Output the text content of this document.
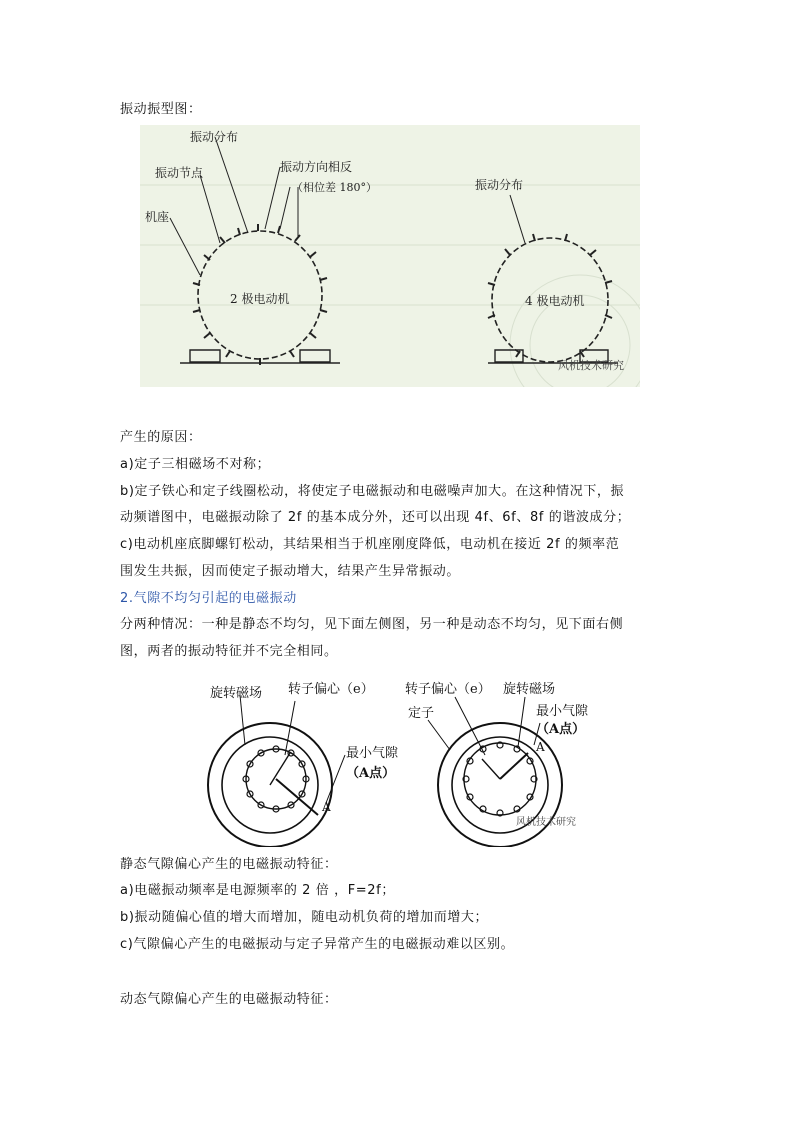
振动振型图：
2 极电动机
振动分布
振动节点	振动方向相反
（相位差 180°）
机座
4 极电动机
振动分布
风机技术研究
产生的原因：
a)定子三相磁场不对称；
b)定子铁心和定子线圈松动，将使定子电磁振动和电磁噪声加大。在这种情况下，振
动频谱图中，电磁振动除了 2f 的基本成分外，还可以出现 4f、6f、8f 的谐波成分；
c)电动机座底脚螺钉松动，其结果相当于机座刚度降低，电动机在接近 2f 的频率范
围发生共振，因而使定子振动增大，结果产生异常振动。
2.气隙不均匀引起的电磁振动
分两种情况：一种是静态不均匀，见下面左侧图，另一种是动态不均匀，见下面右侧
图，两者的振动特征并不完全相同。
旋转磁场 转子偏心（e）
最小气隙
（A点）
A
转子偏心（e） 旋转磁场
定子	最小气隙
（A点）
A
风机技术研究
静态气隙偏心产生的电磁振动特征：
a)电磁振动频率是电源频率的 2 倍 ，F=2f；
b)振动随偏心值的增大而增加，随电动机负荷的增加而增大；
c)气隙偏心产生的电磁振动与定子异常产生的电磁振动难以区别。
动态气隙偏心产生的电磁振动特征：
